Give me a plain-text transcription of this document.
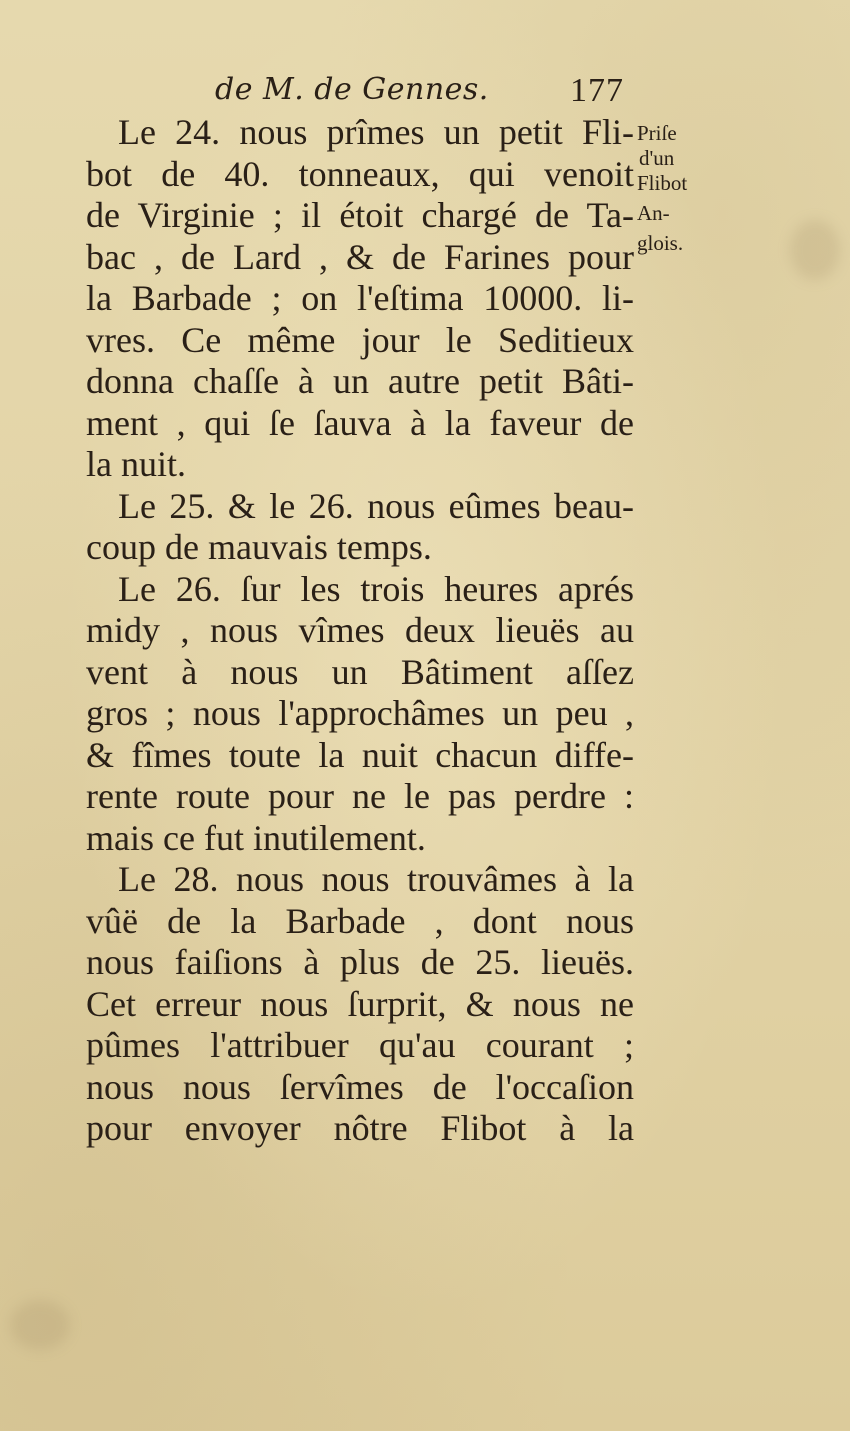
de M. de Gennes. 177
Le 24. nous prîmes un petit Fli-
bot de 40. tonneaux, qui venoit
de Virginie ; il étoit chargé de Ta-
bac , de Lard , & de Farines pour
la Barbade ; on l'eſtima 10000. li-
vres. Ce même jour le Seditieux
donna chaſſe à un autre petit Bâti-
ment , qui ſe ſauva à la faveur de
la nuit.
Le 25. & le 26. nous eûmes beau-
coup de mauvais temps.
Le 26. ſur les trois heures aprés
midy , nous vîmes deux lieuës au
vent à nous un Bâtiment aſſez
gros ; nous l'approchâmes un peu ,
& fîmes toute la nuit chacun diffe-
rente route pour ne le pas perdre :
mais ce fut inutilement.
Le 28. nous nous trouvâmes à la
vûë de la Barbade , dont nous
nous faiſions à plus de 25. lieuës.
Cet erreur nous ſurprit, & nous ne
pûmes l'attribuer qu'au courant ;
nous nous ſervîmes de l'occaſion
pour envoyer nôtre Flibot à la
Priſe
d'un
Flibot
An-
glois.
